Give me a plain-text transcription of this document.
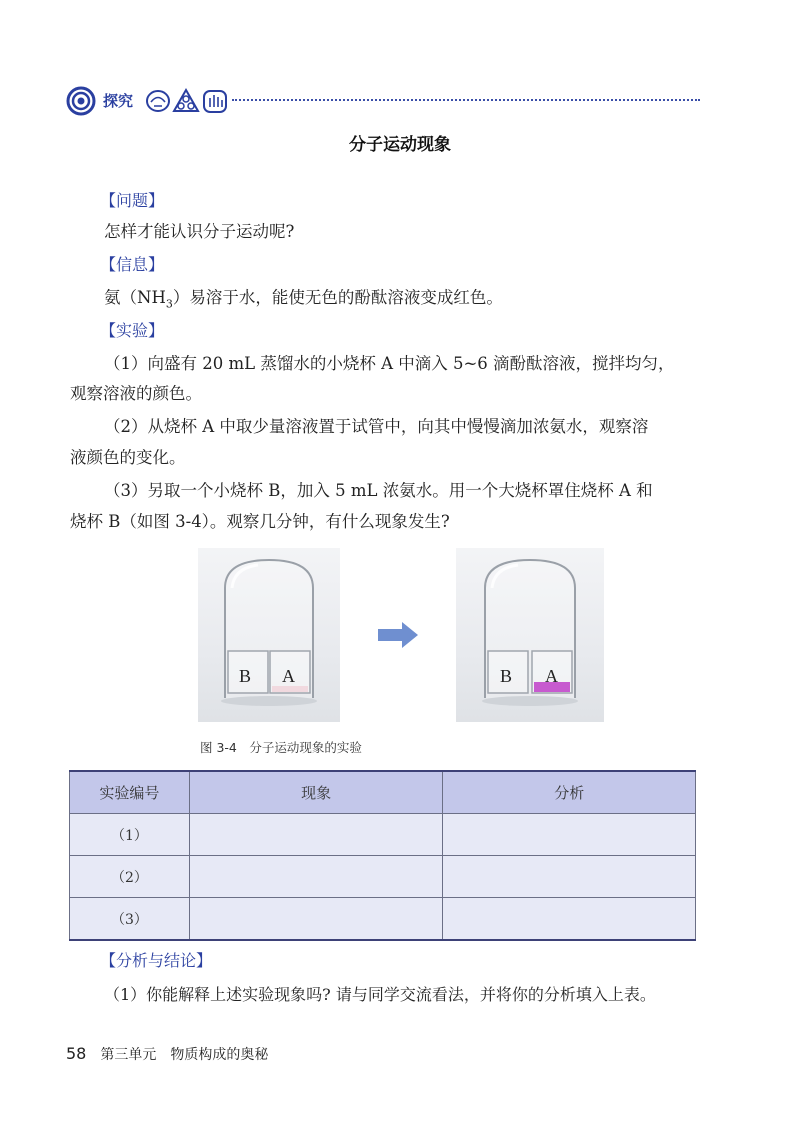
探究
分子运动现象
【问题】
怎样才能认识分子运动呢?
【信息】
氨$(NH_3)$易溶于水，能使无色的酚酞溶液变成红色。
【实验】
（1）向盛有 20 mL 蒸馏水的小烧杯 A 中滴入 5~6 滴酚酞溶液，搅拌均匀，
观察溶液的颜色。
（2）从烧杯 A 中取少量溶液置于试管中，向其中慢慢滴加浓氨水，观察溶
液颜色的变化。
（3）另取一个小烧杯 B，加入 5 mL 浓氨水。用一个大烧杯罩住烧杯 A 和
烧杯 B（如图 3-4）。观察几分钟，有什么现象发生?
B A	B A
图 3-4　分子运动现象的实验
实验编号	现象	分析
（1）		
（2）		
（3）		
【分析与结论】
（1）你能解释上述实验现象吗? 请与同学交流看法，并将你的分析填入上表。
58 第三单元　物质构成的奥秘
